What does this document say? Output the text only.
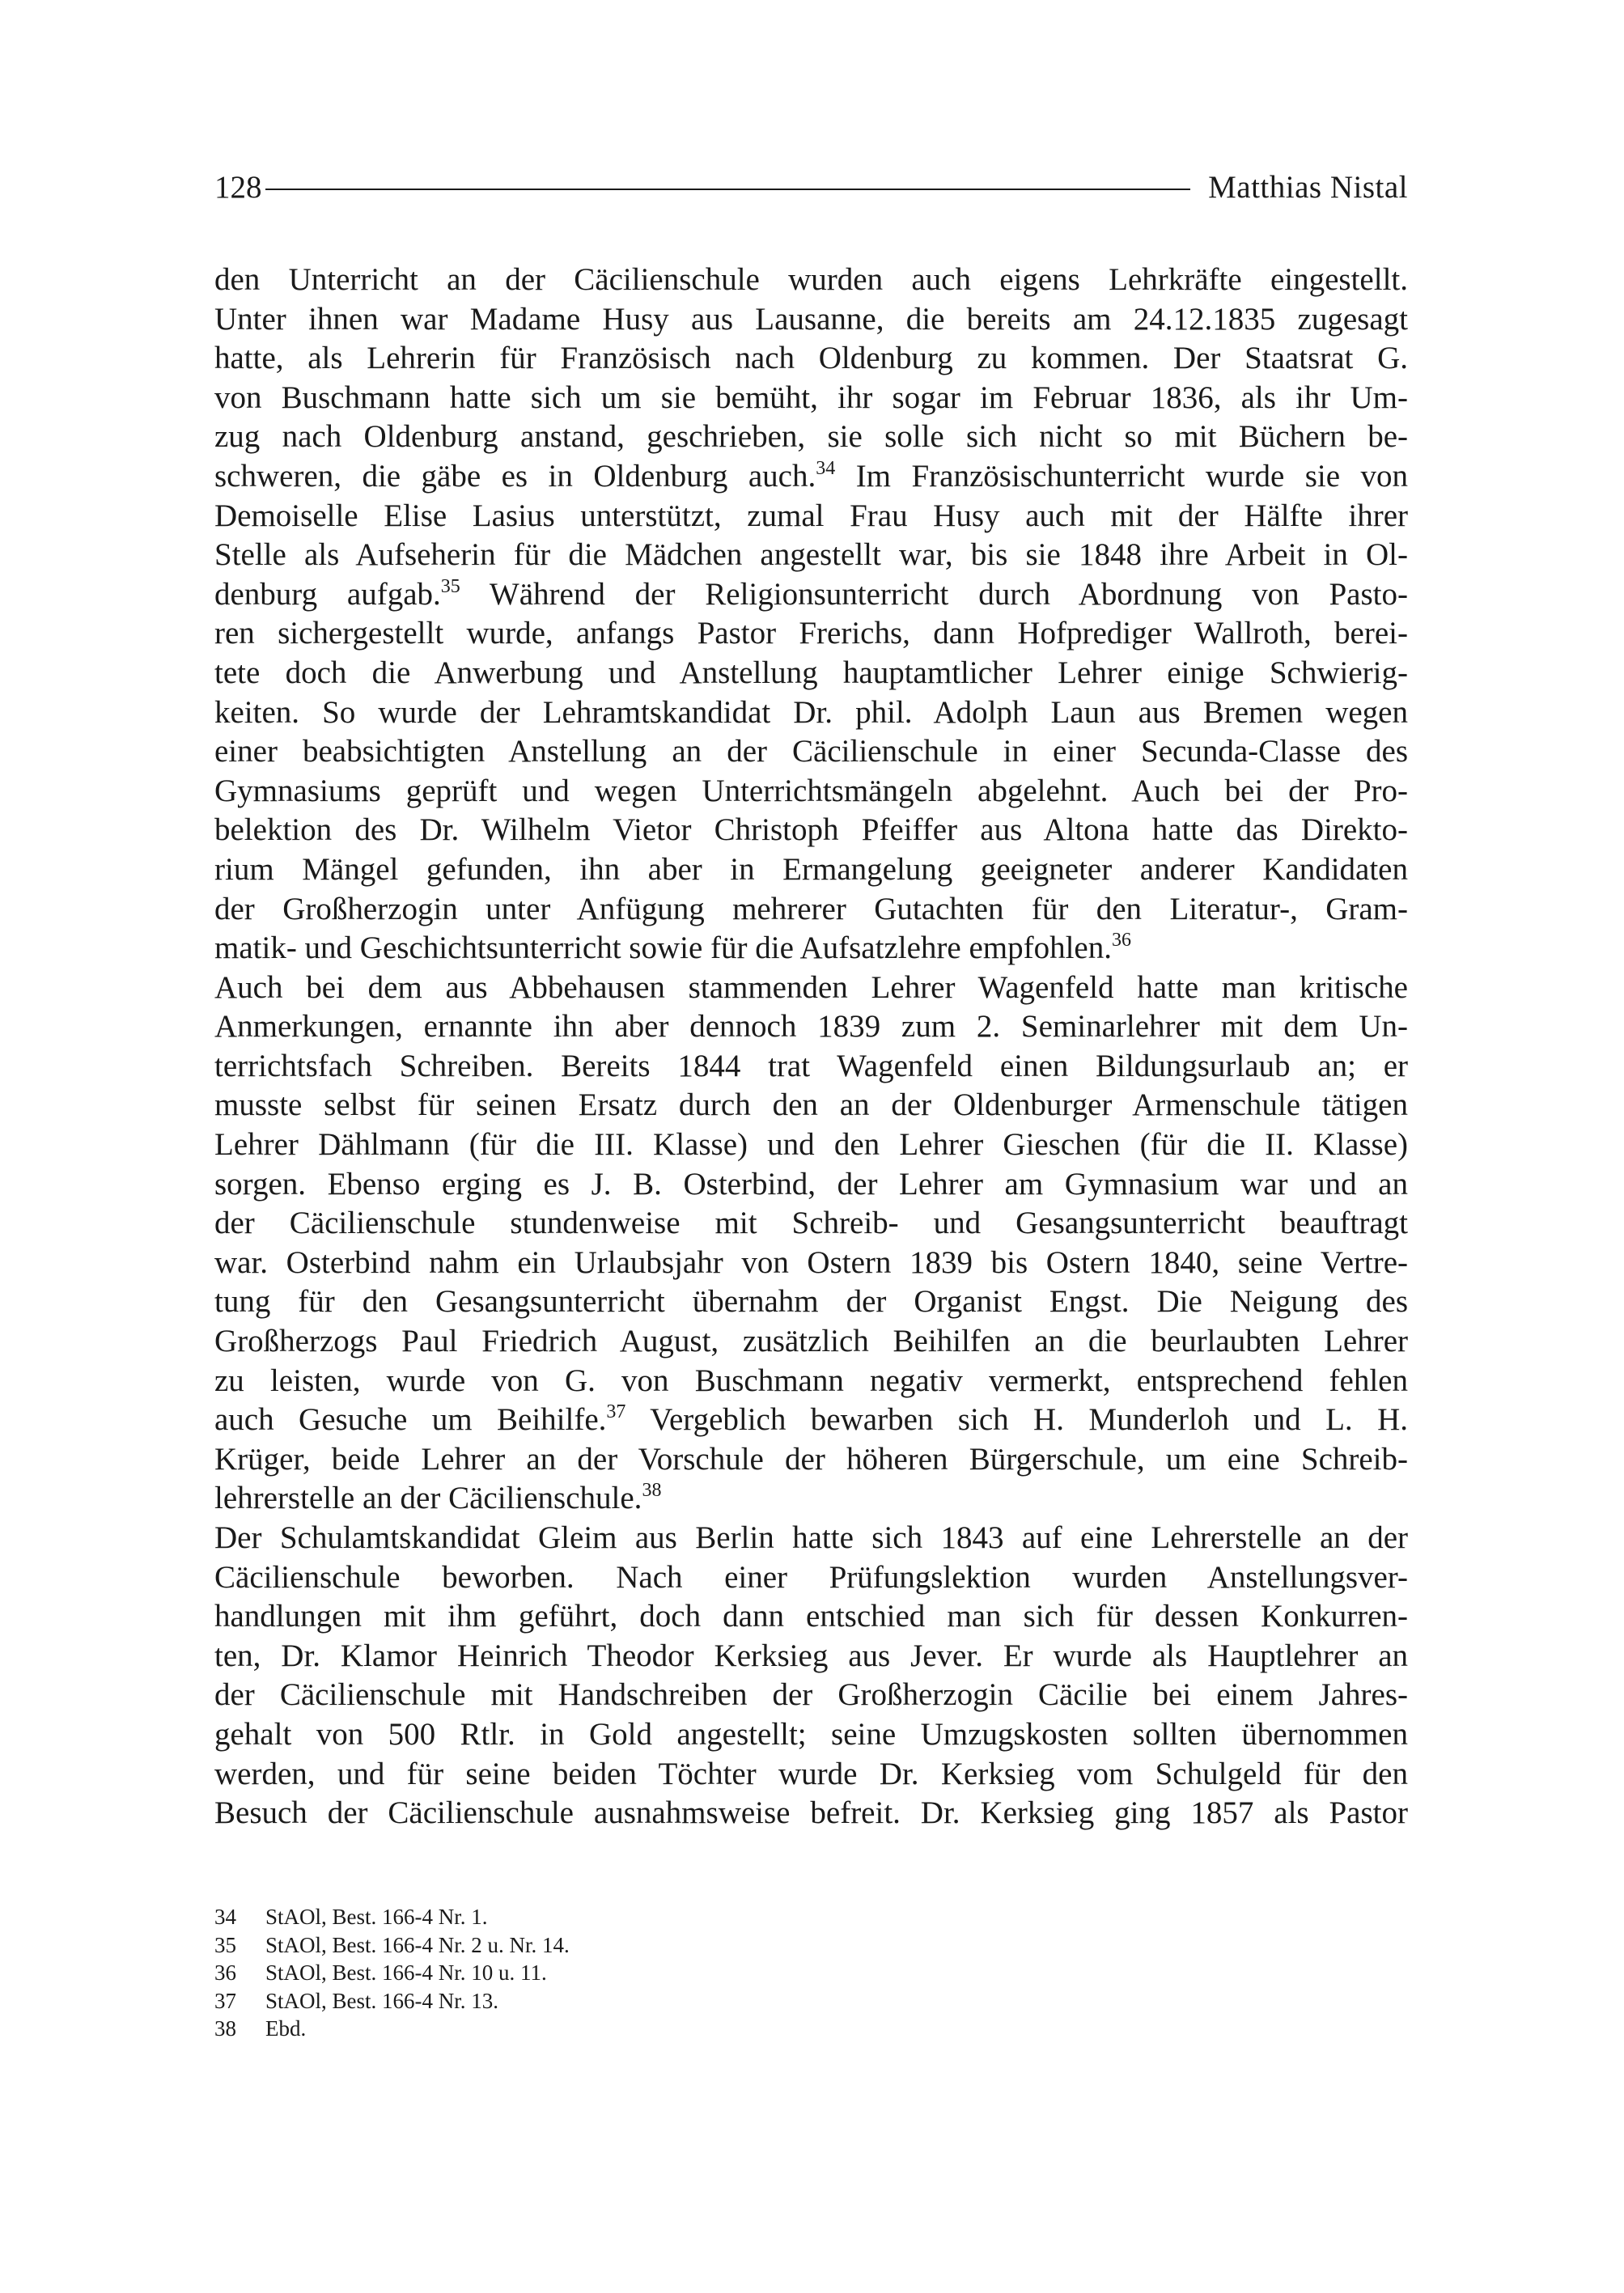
128	Matthias Nistal
den Unterricht an der Cäcilienschule wurden auch eigens Lehrkräfte eingestellt.
Unter ihnen war Madame Husy aus Lausanne, die bereits am 24.12.1835 zugesagt
hatte, als Lehrerin für Französisch nach Oldenburg zu kommen. Der Staatsrat G.
von Buschmann hatte sich um sie bemüht, ihr sogar im Februar 1836, als ihr Um-
zug nach Oldenburg anstand, geschrieben, sie solle sich nicht so mit Büchern be-
schweren, die gäbe es in Oldenburg auch.$^{34}$ Im Französischunterricht wurde sie von
Demoiselle Elise Lasius unterstützt, zumal Frau Husy auch mit der Hälfte ihrer
Stelle als Aufseherin für die Mädchen angestellt war, bis sie 1848 ihre Arbeit in Ol-
denburg aufgab.$^{35}$ Während der Religionsunterricht durch Abordnung von Pasto-
ren sichergestellt wurde, anfangs Pastor Frerichs, dann Hofprediger Wallroth, berei-
tete doch die Anwerbung und Anstellung hauptamtlicher Lehrer einige Schwierig-
keiten. So wurde der Lehramtskandidat Dr. phil. Adolph Laun aus Bremen wegen
einer beabsichtigten Anstellung an der Cäcilienschule in einer Secunda-Classe des
Gymnasiums geprüft und wegen Unterrichtsmängeln abgelehnt. Auch bei der Pro-
belektion des Dr. Wilhelm Vietor Christoph Pfeiffer aus Altona hatte das Direkto-
rium Mängel gefunden, ihn aber in Ermangelung geeigneter anderer Kandidaten
der Großherzogin unter Anfügung mehrerer Gutachten für den Literatur-, Gram-
matik- und Geschichtsunterricht sowie für die Aufsatzlehre empfohlen.$^{36}$
Auch bei dem aus Abbehausen stammenden Lehrer Wagenfeld hatte man kritische
Anmerkungen, ernannte ihn aber dennoch 1839 zum 2. Seminarlehrer mit dem Un-
terrichtsfach Schreiben. Bereits 1844 trat Wagenfeld einen Bildungsurlaub an; er
musste selbst für seinen Ersatz durch den an der Oldenburger Armenschule tätigen
Lehrer Dählmann (für die III. Klasse) und den Lehrer Gieschen (für die II. Klasse)
sorgen. Ebenso erging es J. B. Osterbind, der Lehrer am Gymnasium war und an
der Cäcilienschule stundenweise mit Schreib- und Gesangsunterricht beauftragt
war. Osterbind nahm ein Urlaubsjahr von Ostern 1839 bis Ostern 1840, seine Vertre-
tung für den Gesangsunterricht übernahm der Organist Engst. Die Neigung des
Großherzogs Paul Friedrich August, zusätzlich Beihilfen an die beurlaubten Lehrer
zu leisten, wurde von G. von Buschmann negativ vermerkt, entsprechend fehlen
auch Gesuche um Beihilfe.$^{37}$ Vergeblich bewarben sich H. Munderloh und L. H.
Krüger, beide Lehrer an der Vorschule der höheren Bürgerschule, um eine Schreib-
lehrerstelle an der Cäcilienschule.$^{38}$
Der Schulamtskandidat Gleim aus Berlin hatte sich 1843 auf eine Lehrerstelle an der
Cäcilienschule beworben. Nach einer Prüfungslektion wurden Anstellungsver-
handlungen mit ihm geführt, doch dann entschied man sich für dessen Konkurren-
ten, Dr. Klamor Heinrich Theodor Kerksieg aus Jever. Er wurde als Hauptlehrer an
der Cäcilienschule mit Handschreiben der Großherzogin Cäcilie bei einem Jahres-
gehalt von 500 Rtlr. in Gold angestellt; seine Umzugskosten sollten übernommen
werden, und für seine beiden Töchter wurde Dr. Kerksieg vom Schulgeld für den
Besuch der Cäcilienschule ausnahmsweise befreit. Dr. Kerksieg ging 1857 als Pastor
34	StAOl, Best. 166-4 Nr. 1.
35	StAOl, Best. 166-4 Nr. 2 u. Nr. 14.
36	StAOl, Best. 166-4 Nr. 10 u. 11.
37	StAOl, Best. 166-4 Nr. 13.
38	Ebd.
